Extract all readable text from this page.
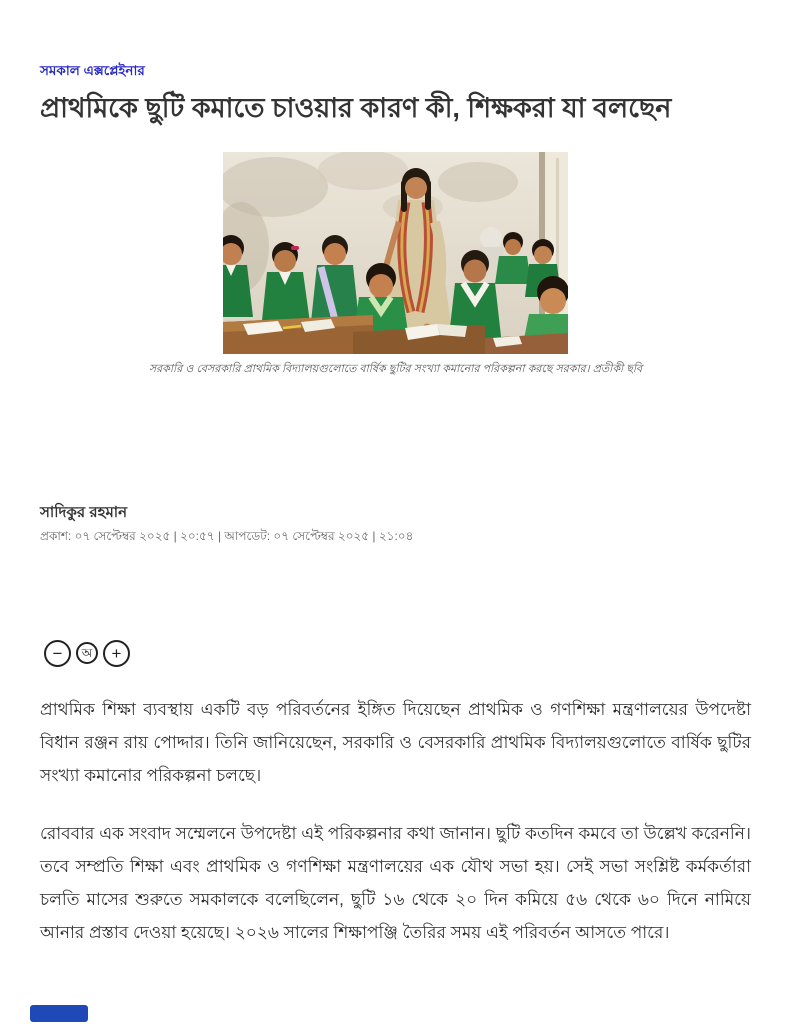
সমকাল এক্সপ্লেইনার
প্রাথমিকে ছুটি কমাতে চাওয়ার কারণ কী, শিক্ষকরা যা বলছেন
সরকারি ও বেসরকারি প্রাথমিক বিদ্যালয়গুলোতে বার্ষিক ছুটির সংখ্যা কমানোর পরিকল্পনা করছে সরকার। প্রতীকী ছবি
সাদিকুর রহমান
প্রকাশ: ০৭ সেপ্টেম্বর ২০২৫ | ২০:৫৭ | আপডেট: ০৭ সেপ্টেম্বর ২০২৫ | ২১:০৪
− অ +

প্রাথমিক শিক্ষা ব্যবস্থায় একটি বড় পরিবর্তনের ইঙ্গিত দিয়েছেন প্রাথমিক ও গণশিক্ষা মন্ত্রণালয়ের উপদেষ্টা বিধান রঞ্জন রায় পোদ্দার। তিনি জানিয়েছেন, সরকারি ও বেসরকারি প্রাথমিক বিদ্যালয়গুলোতে বার্ষিক ছুটির সংখ্যা কমানোর পরিকল্পনা চলছে।

রোববার এক সংবাদ সম্মেলনে উপদেষ্টা এই পরিকল্পনার কথা জানান। ছুটি কতদিন কমবে তা উল্লেখ করেননি। তবে সম্প্রতি শিক্ষা এবং প্রাথমিক ও গণশিক্ষা মন্ত্রণালয়ের এক যৌথ সভা হয়। সেই সভা সংশ্লিষ্ট কর্মকর্তারা চলতি মাসের শুরুতে সমকালকে বলেছিলেন, ছুটি ১৬ থেকে ২০ দিন কমিয়ে ৫৬ থেকে ৬০ দিনে নামিয়ে আনার প্রস্তাব দেওয়া হয়েছে। ২০২৬ সালের শিক্ষাপঞ্জি তৈরির সময় এই পরিবর্তন আসতে পারে।
